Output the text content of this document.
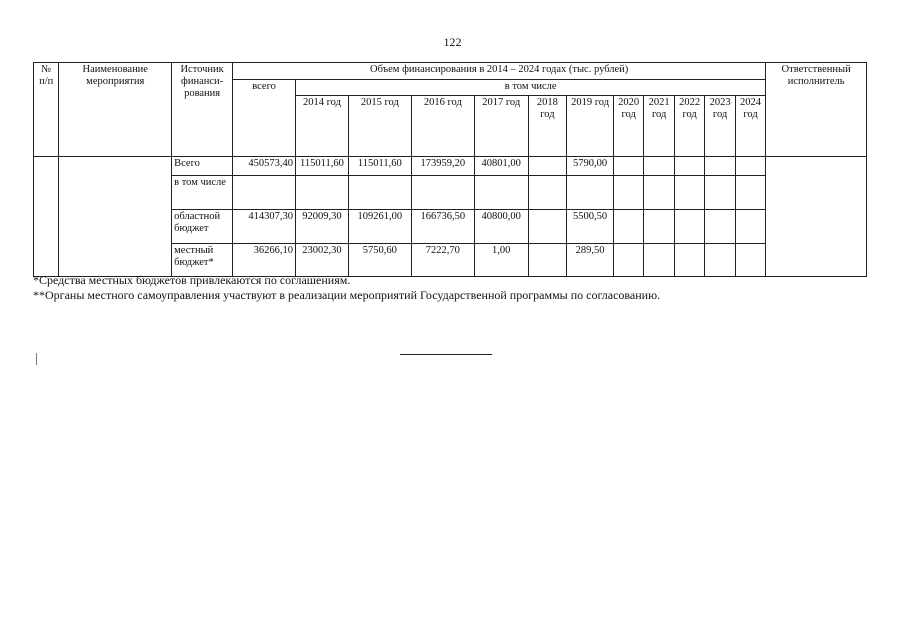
122
№ п/п	Наименование мероприятия	Источник финанси-рования	Объем финансирования в 2014 – 2024 годах (тыс. рублей)												Ответственный исполнитель
			всего	в том числе											
				2014 год	2015 год	2016 год	2017 год	2018 год	2019 год	2020 год	2021 год	2022 год	2023 год	2024 год	
		Всего	450573,40	115011,60	115011,60	173959,20	40801,00		5790,00						
		в том числе													
		областной бюджет	414307,30	92009,30	109261,00	166736,50	40800,00		5500,50						
		местный бюджет*	36266,10	23002,30	5750,60	7222,70	1,00		289,50						

*Средства местных бюджетов привлекаются по соглашениям.

**Органы местного самоуправления участвуют в реализации мероприятий Государственной программы по согласованию.
